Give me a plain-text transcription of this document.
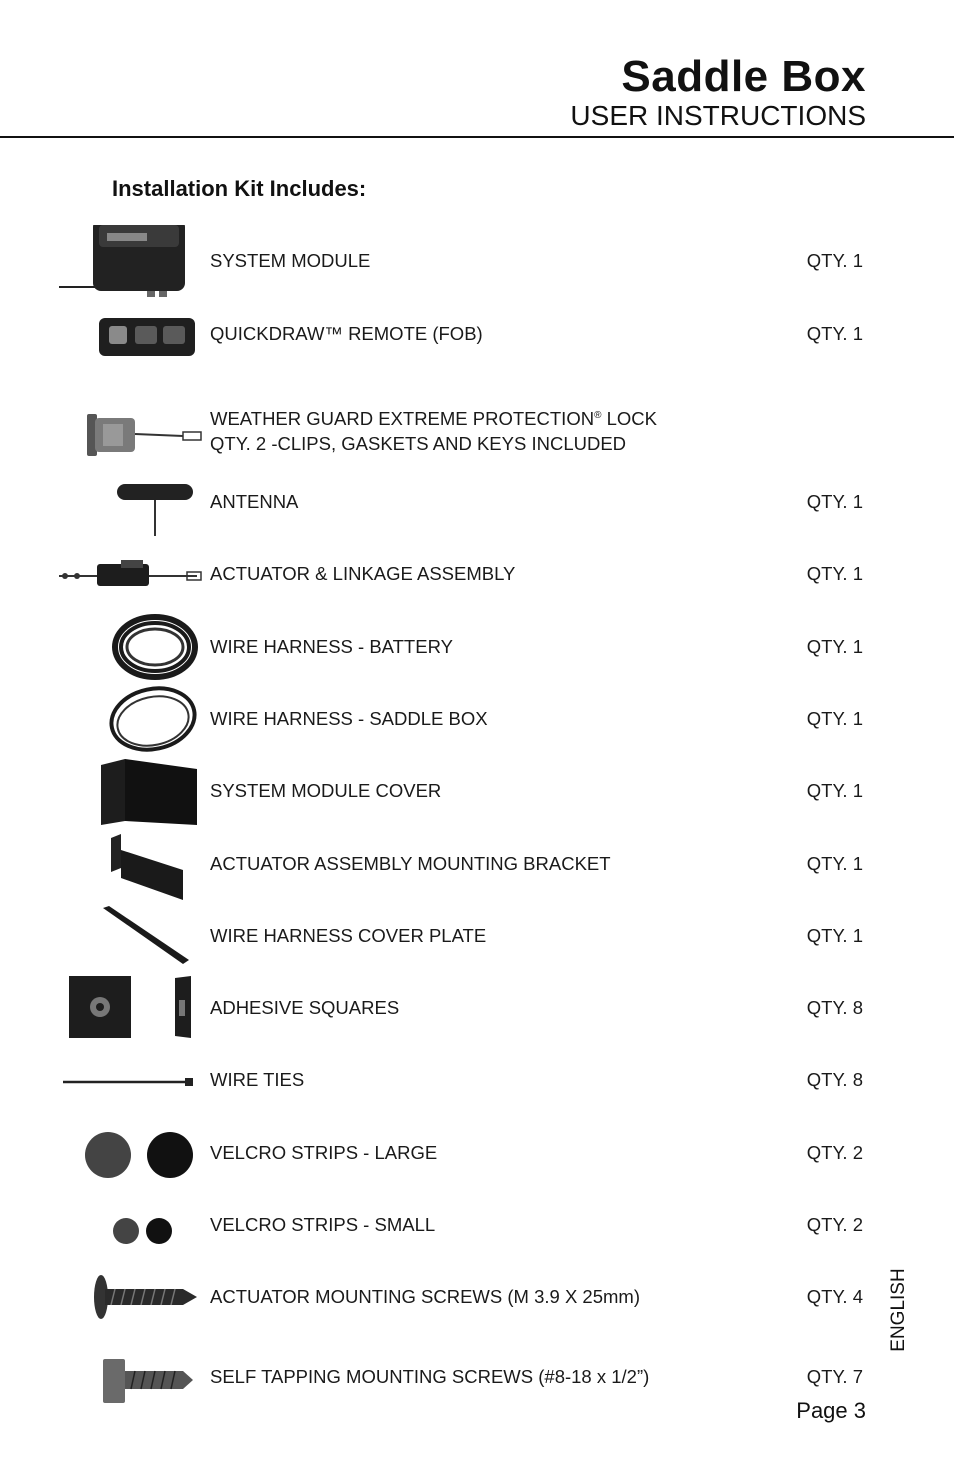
Saddle Box
USER INSTRUCTIONS
Installation Kit Includes:
SYSTEM MODULE	QTY. 1
QUICKDRAW™ REMOTE (FOB)	QTY. 1
WEATHER GUARD EXTREME PROTECTION® LOCK
QTY. 2 -CLIPS, GASKETS AND KEYS INCLUDED
ANTENNA	QTY. 1
ACTUATOR & LINKAGE ASSEMBLY	QTY. 1
WIRE HARNESS - BATTERY	QTY. 1
WIRE HARNESS - SADDLE BOX	QTY. 1
SYSTEM MODULE COVER	QTY. 1
ACTUATOR ASSEMBLY MOUNTING BRACKET	QTY. 1
WIRE HARNESS COVER PLATE	QTY. 1
ADHESIVE SQUARES	QTY. 8
WIRE TIES	QTY. 8
VELCRO STRIPS - LARGE	QTY. 2
VELCRO STRIPS - SMALL	QTY. 2
ACTUATOR MOUNTING SCREWS (M 3.9 X 25mm)	QTY. 4
SELF TAPPING MOUNTING SCREWS (#8-18 x 1/2”)	QTY. 7
ENGLISH
Page 3
